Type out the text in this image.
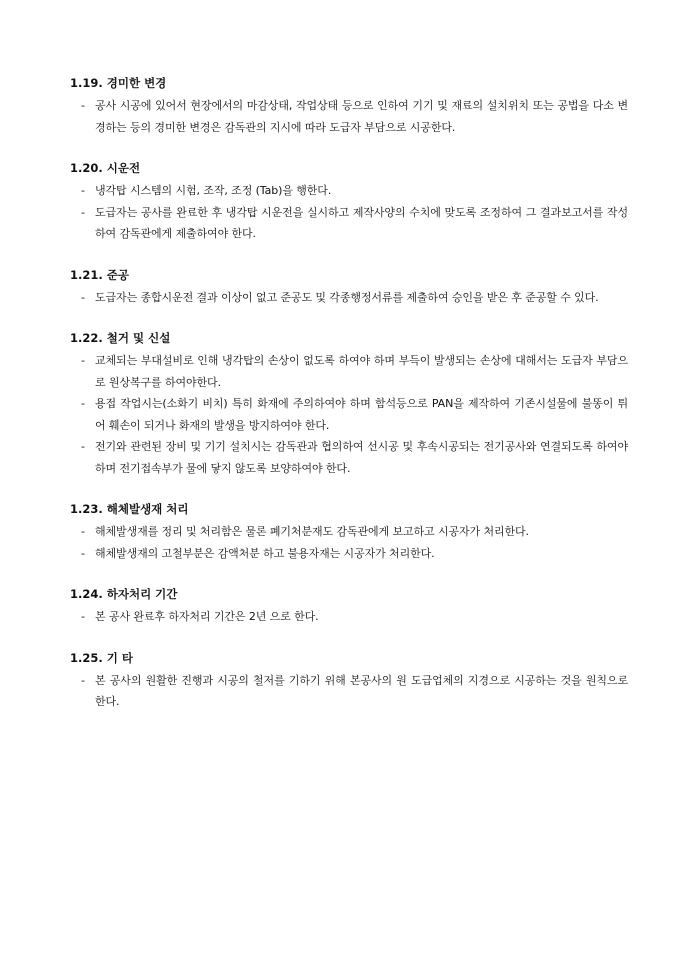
1.19. 경미한 변경
- 공사 시공에 있어서 현장에서의 마감상태, 작업상태 등으로 인하여 기기 및 재료의 설치위치 또는 공법을 다소 변경하는 등의 경미한 변경은 감독관의 지시에 따라 도급자 부담으로 시공한다.
1.20. 시운전
- 냉각탑 시스템의 시험, 조작, 조정 (Tab)을 행한다.
- 도급자는 공사를 완료한 후 냉각탑 시운전을 실시하고 제작사양의 수치에 맞도록 조정하여 그 결과보고서를 작성하여 감독관에게 제출하여야 한다.
1.21. 준공
- 도급자는 종합시운전 결과 이상이 없고 준공도 및 각종행정서류를 제출하여 승인을 받은 후 준공할 수 있다.
1.22. 철거 및 신설
- 교체되는 부대설비로 인해 냉각탑의 손상이 없도록 하여야 하며 부득이 발생되는 손상에 대해서는 도급자 부담으로 원상복구를 하여야한다.
- 용접 작업시는(소화기 비치) 특히 화재에 주의하여야 하며 함석등으로 PAN을 제작하여 기존시설물에 불똥이 튀어 훼손이 되거나 화재의 발생을 방지하여야 한다.
- 전기와 관련된 장비 및 기기 설치시는 감독관과 협의하여 선시공 및 후속시공되는 전기공사와 연결되도록 하여야 하며 전기접속부가 물에 닿지 않도록 보양하여야 한다.
1.23. 해체발생재 처리
- 해체발생재를 정리 및 처리함은 물론 폐기처분재도 감독관에게 보고하고 시공자가 처리한다.
- 해체발생재의 고철부분은 감액처분 하고 불용자재는 시공자가 처리한다.
1.24. 하자처리 기간
- 본 공사 완료후 하자처리 기간은 2년 으로 한다.
1.25. 기 타
- 본 공사의 원활한 진행과 시공의 철저를 기하기 위해 본공사의 원 도급업체의 지경으로 시공하는 것을 원칙으로 한다.
